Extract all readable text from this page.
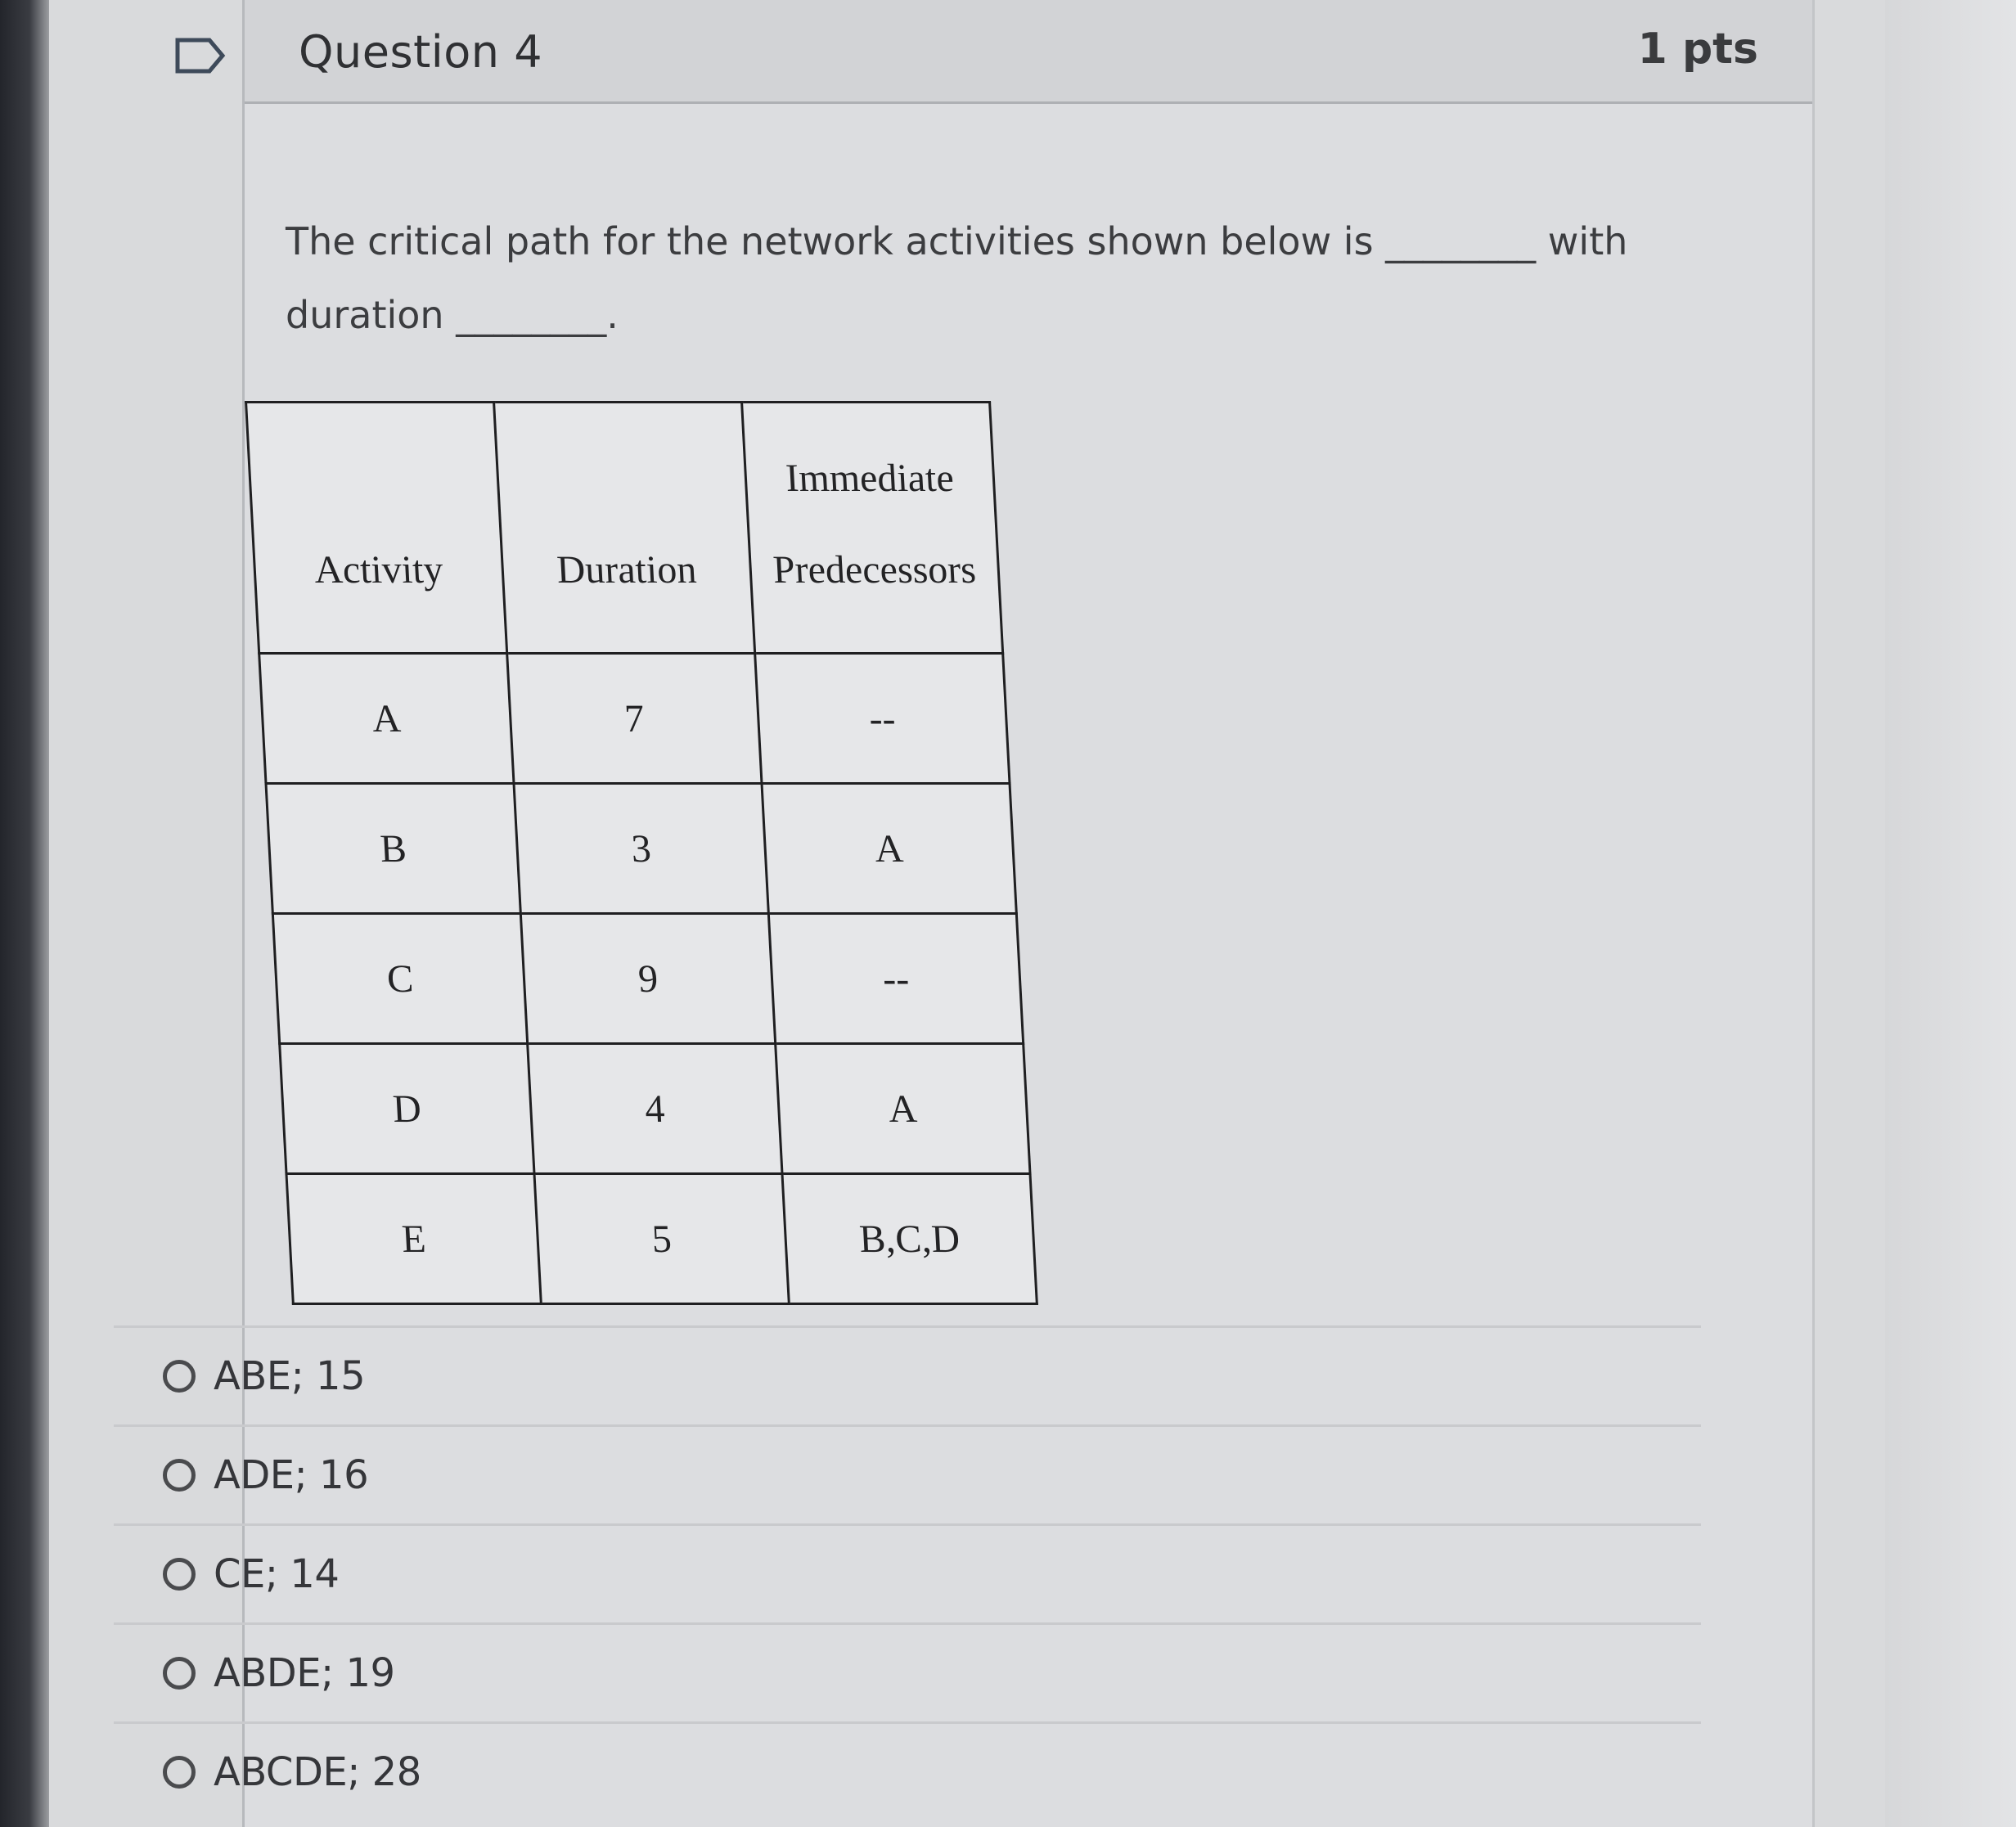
Question 4	1 pts
The critical path for the network activities shown below is ________ with duration ________.
Activity	Duration	Immediate Predecessors
A	7	--
B	3	A
C	9	--
D	4	A
E	5	B,C,D
ABE; 15
ADE; 16
CE; 14
ABDE; 19
ABCDE; 28
